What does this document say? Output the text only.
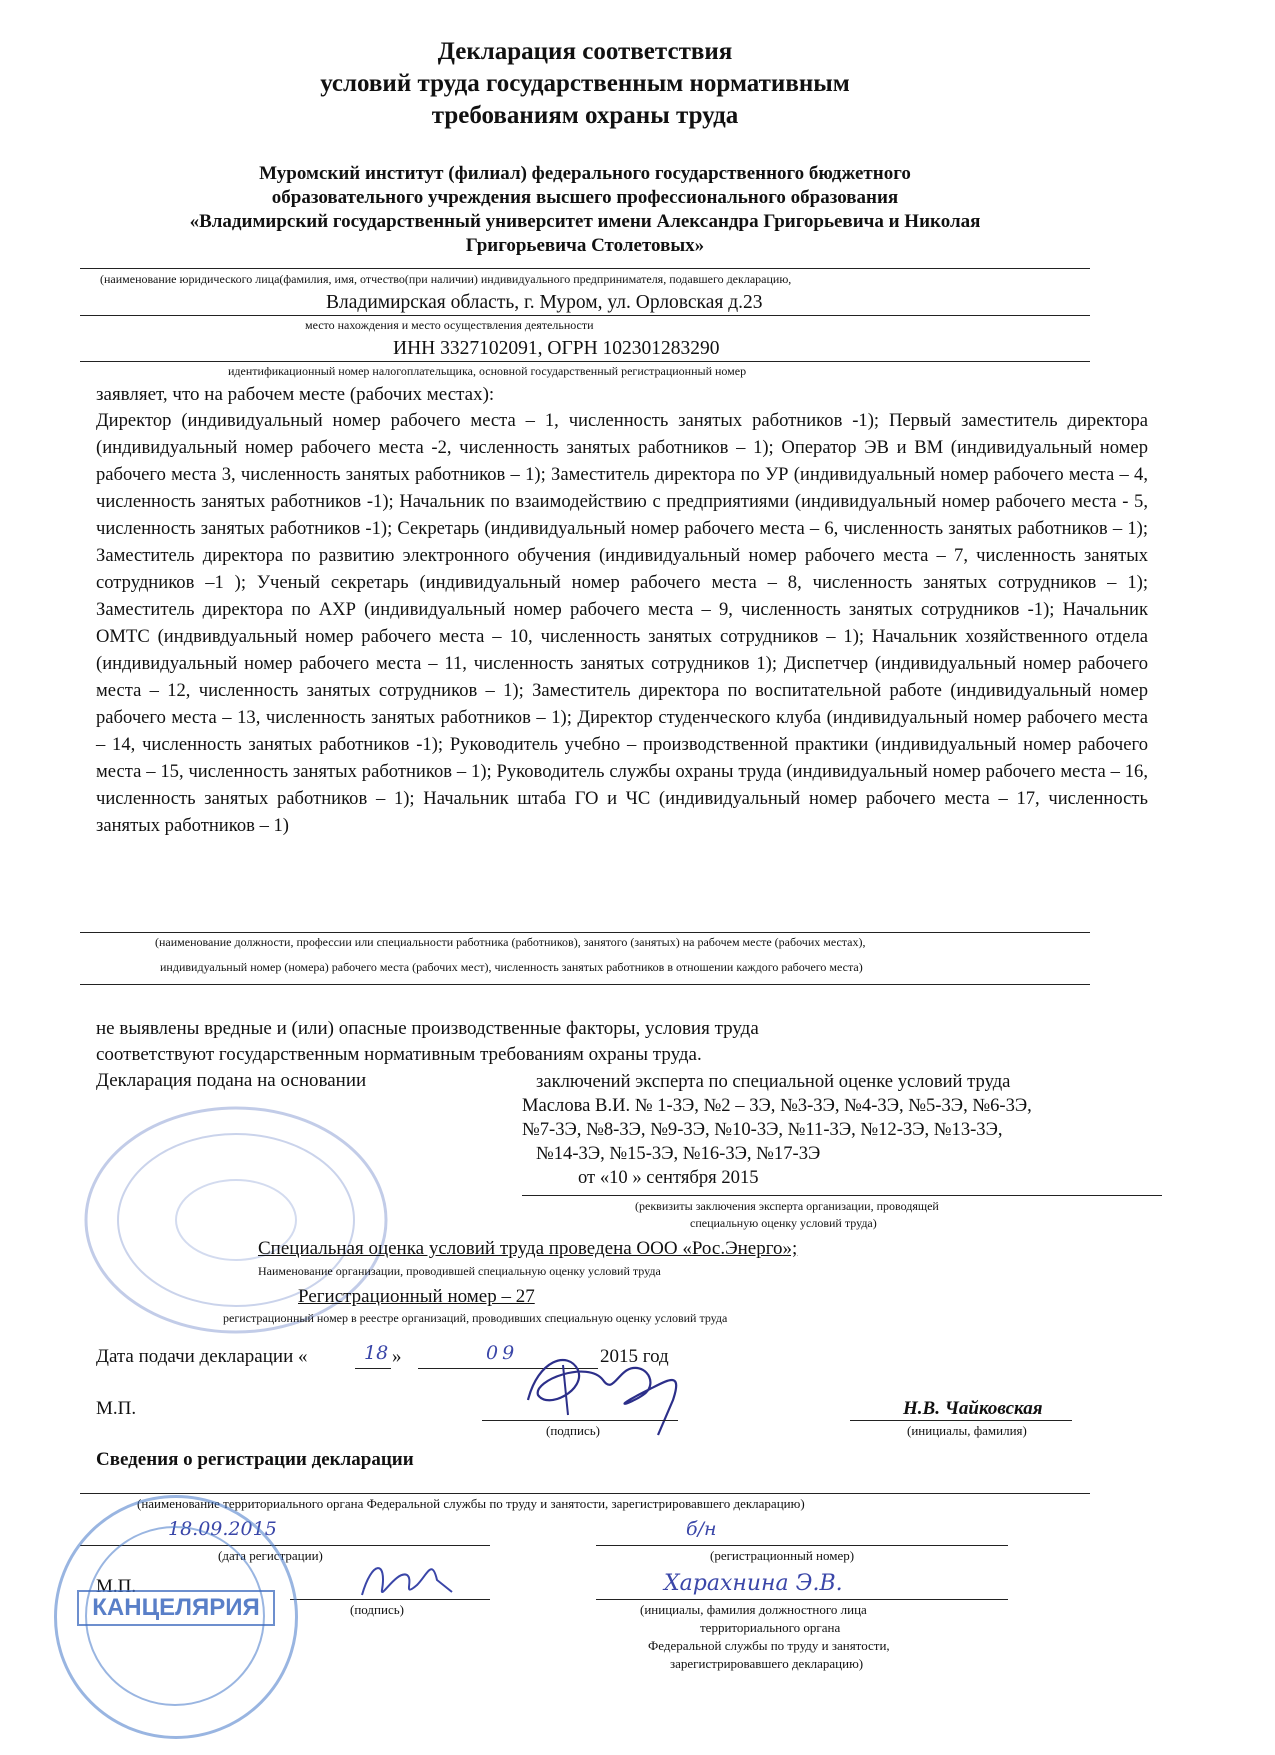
Декларация соответствия
условий труда государственным нормативным
требованиям охраны труда
Муромский институт (филиал) федерального государственного бюджетного
образовательного учреждения высшего профессионального образования
«Владимирский государственный университет имени Александра Григорьевича и Николая
Григорьевича Столетовых»
(наименование юридического лица(фамилия, имя, отчество(при наличии) индивидуального предпринимателя, подавшего декларацию,
Владимирская область, г. Муром, ул. Орловская д.23
место нахождения и место осуществления деятельности
ИНН 3327102091, ОГРН 102301283290
идентификационный номер налогоплательщика, основной государственный регистрационный номер
заявляет, что на рабочем месте (рабочих местах):
Директор (индивидуальный номер рабочего места – 1, численность занятых работников -1); Первый заместитель директора (индивидуальный номер рабочего места -2, численность занятых работников – 1); Оператор ЭВ и ВМ (индивидуальный номер рабочего места 3, численность занятых работников – 1); Заместитель директора по УР (индивидуальный номер рабочего места – 4, численность занятых работников -1); Начальник по взаимодействию с предприятиями (индивидуальный номер рабочего места - 5, численность занятых работников -1); Секретарь (индивидуальный номер рабочего места – 6, численность занятых работников – 1); Заместитель директора по развитию электронного обучения (индивидуальный номер рабочего места – 7, численность занятых сотрудников –1 ); Ученый секретарь (индивидуальный номер рабочего места – 8, численность занятых сотрудников – 1); Заместитель директора по АХР (индивидуальный номер рабочего места – 9, численность занятых сотрудников -1); Начальник ОМТС (индвивдуальный номер рабочего места – 10, численность занятых сотрудников – 1); Начальник хозяйственного отдела (индивидуальный номер рабочего места – 11, численность занятых сотрудников 1); Диспетчер (индивидуальный номер рабочего места – 12, численность занятых сотрудников – 1); Заместитель директора по воспитательной работе (индивидуальный номер рабочего места – 13, численность занятых работников – 1); Директор студенческого клуба (индивидуальный номер рабочего места – 14, численность занятых работников -1); Руководитель учебно – производственной практики (индивидуальный номер рабочего места – 15, численность занятых работников – 1); Руководитель службы охраны труда (индивидуальный номер рабочего места – 16, численность занятых работников – 1); Начальник штаба ГО и ЧС (индивидуальный номер рабочего места – 17, численность занятых работников – 1)
(наименование должности, профессии или специальности работника (работников), занятого (занятых) на рабочем месте (рабочих местах),
индивидуальный номер (номера) рабочего места (рабочих мест), численность занятых работников в отношении каждого рабочего места)
не выявлены вредные и (или) опасные производственные факторы, условия труда
соответствуют государственным нормативным требованиям охраны труда.
Декларация подана на основании	заключений эксперта по специальной оценке условий труда
Маслова В.И. № 1-3Э, №2 – 3Э, №3-3Э, №4-3Э, №5-3Э, №6-3Э,
№7-3Э, №8-3Э, №9-3Э, №10-3Э, №11-3Э, №12-3Э, №13-3Э,
№14-3Э, №15-3Э, №16-3Э, №17-3Э
от «10 » сентября 2015
(реквизиты заключения эксперта организации, проводящей
специальную оценку условий труда)
Специальная оценка условий труда проведена ООО «Рос.Энерго»;
Наименование организации, проводившей специальную оценку условий труда
Регистрационный номер – 27
регистрационный номер в реестре организаций, проводивших специальную оценку условий труда
Дата подачи декларации «	18 »	09	2015 год
М.П.
(подпись)
Н.В. Чайковская
(инициалы, фамилия)
Сведения о регистрации декларации
(наименование территориального органа Федеральной службы по труду и занятости, зарегистрировавшего декларацию)
18.09.2015
(дата регистрации)
б/н
(регистрационный номер)
М.П.
(подпись)
Харахнина Э.В.
(инициалы, фамилия должностного лица
территориального органа
Федеральной службы по труду и занятости,
зарегистрировавшего декларацию)
КАНЦЕЛЯРИЯ
